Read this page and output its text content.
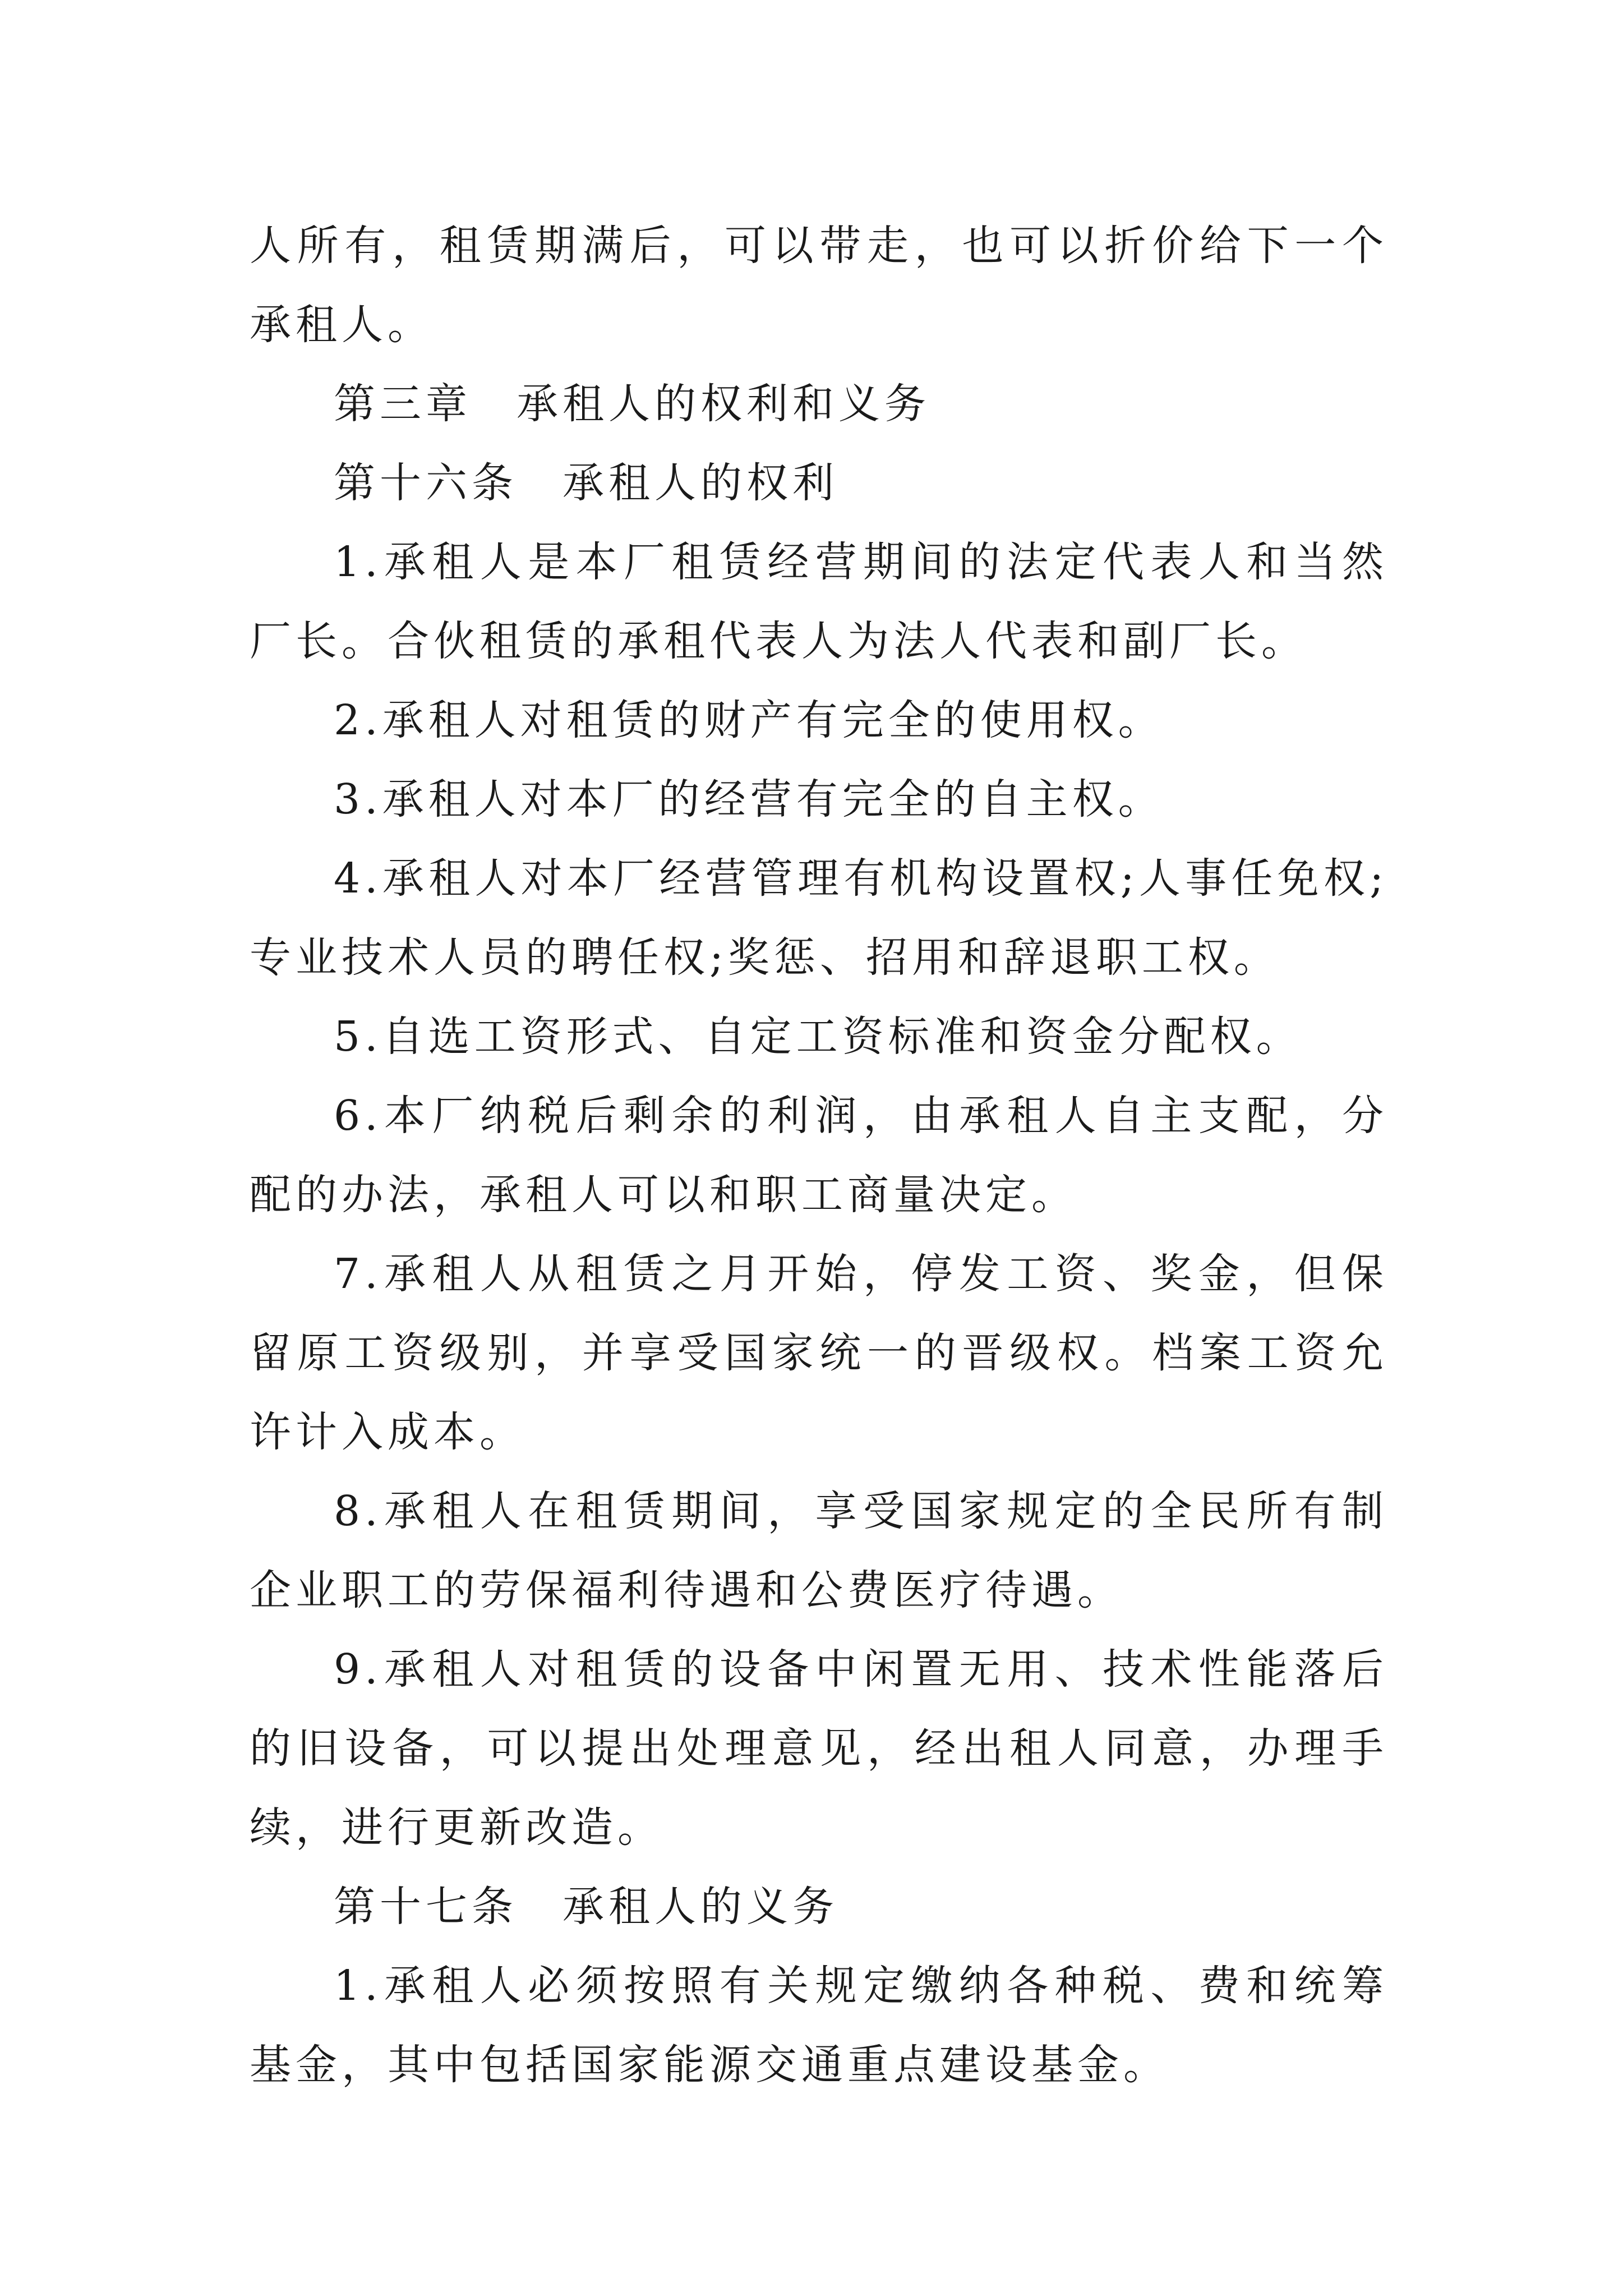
人所有，租赁期满后，可以带走，也可以折价给下一个承租人。

第三章 承租人的权利和义务

第十六条 承租人的权利

1.承租人是本厂租赁经营期间的法定代表人和当然厂长。合伙租赁的承租代表人为法人代表和副厂长。

2.承租人对租赁的财产有完全的使用权。

3.承租人对本厂的经营有完全的自主权。

4.承租人对本厂经营管理有机构设置权;人事任免权;专业技术人员的聘任权;奖惩、招用和辞退职工权。

5.自选工资形式、自定工资标准和资金分配权。

6.本厂纳税后剩余的利润，由承租人自主支配，分配的办法，承租人可以和职工商量决定。

7.承租人从租赁之月开始，停发工资、奖金，但保留原工资级别，并享受国家统一的晋级权。档案工资允许计入成本。

8.承租人在租赁期间，享受国家规定的全民所有制企业职工的劳保福利待遇和公费医疗待遇。

9.承租人对租赁的设备中闲置无用、技术性能落后的旧设备，可以提出处理意见，经出租人同意，办理手续，进行更新改造。

第十七条 承租人的义务

1.承租人必须按照有关规定缴纳各种税、费和统筹基金，其中包括国家能源交通重点建设基金。
